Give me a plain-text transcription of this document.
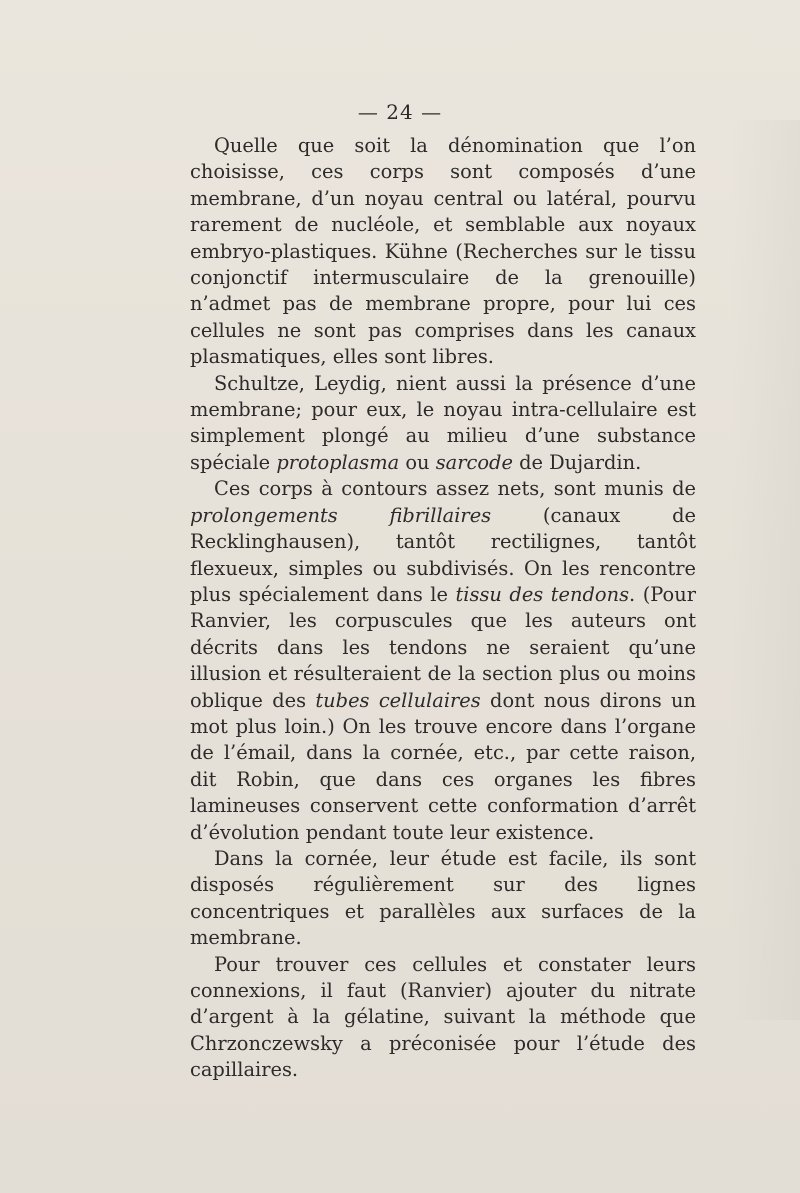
— 24 —

Quelle que soit la dénomination que l’on choisisse, ces corps sont composés d’une membrane, d’un noyau central ou latéral, pourvu rarement de nucléole, et semblable aux noyaux embryo-plastiques. Kühne (Recherches sur le tissu conjonctif intermusculaire de la grenouille) n’admet pas de membrane propre, pour lui ces cellules ne sont pas comprises dans les canaux plasmatiques, elles sont libres.

Schultze, Leydig, nient aussi la présence d’une membrane; pour eux, le noyau intra-cellulaire est simplement plongé au milieu d’une substance spéciale protoplasma ou sarcode de Dujardin.

Ces corps à contours assez nets, sont munis de prolongements fibrillaires (canaux de Recklinghausen), tantôt rectilignes, tantôt flexueux, simples ou subdivisés. On les rencontre plus spécialement dans le tissu des tendons. (Pour Ranvier, les corpuscules que les auteurs ont décrits dans les tendons ne seraient qu’une illusion et résulteraient de la section plus ou moins oblique des tubes cellulaires dont nous dirons un mot plus loin.) On les trouve encore dans l’organe de l’émail, dans la cornée, etc., par cette raison, dit Robin, que dans ces organes les fibres lamineuses conservent cette conformation d’arrêt d’évolution pendant toute leur existence.

Dans la cornée, leur étude est facile, ils sont disposés régulièrement sur des lignes concentriques et parallèles aux surfaces de la membrane.

Pour trouver ces cellules et constater leurs connexions, il faut (Ranvier) ajouter du nitrate d’argent à la gélatine, suivant la méthode que Chrzonczewsky a préconisée pour l’étude des capillaires.
